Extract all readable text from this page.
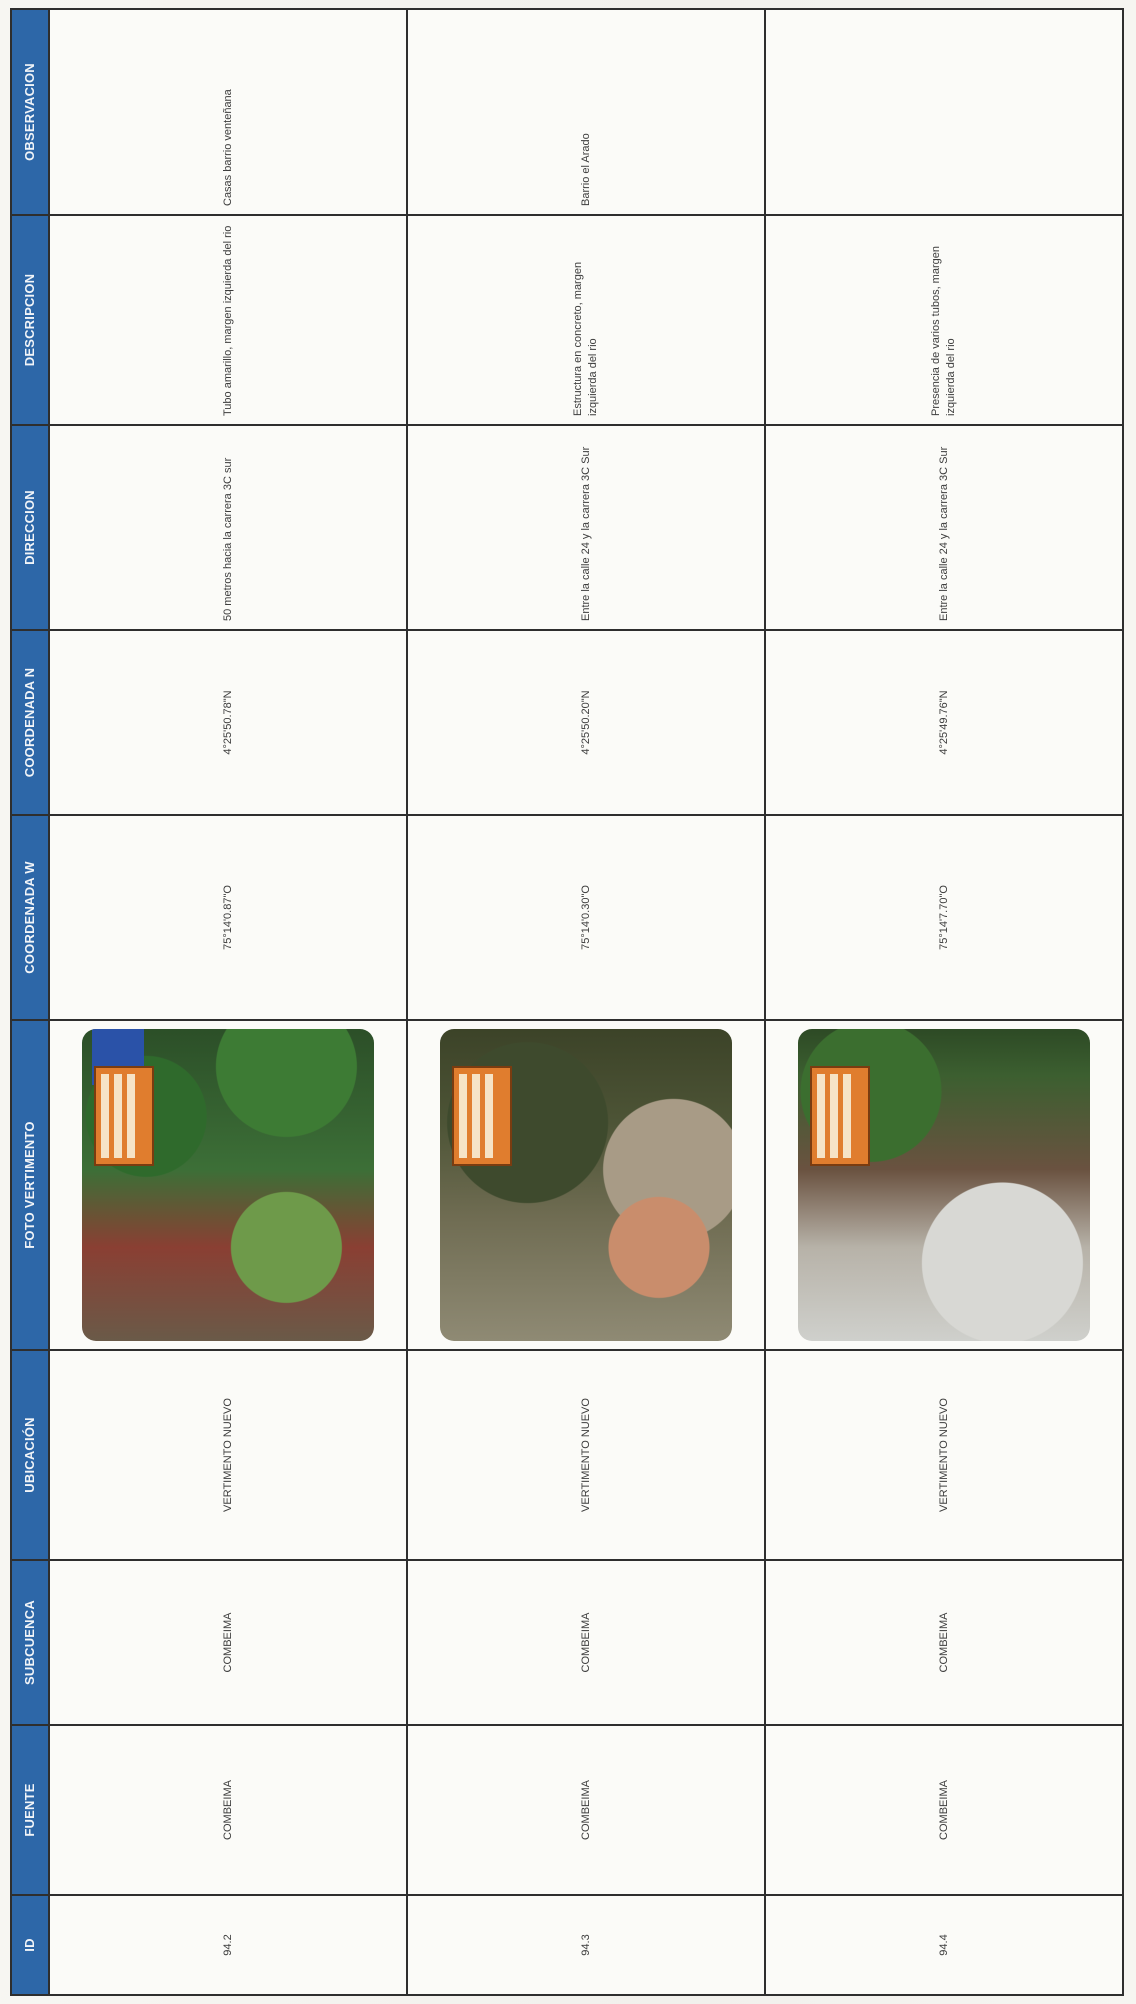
ID	FUENTE	SUBCUENCA	UBICACIÓN	FOTO VERTIMENTO	COORDENADA W	COORDENADA N	DIRECCION	DESCRIPCION	OBSERVACION
94.2	COMBEIMA	COMBEIMA	VERTIMENTO NUEVO		75°14'0.87"O	4°25'50.78"N	50 metros hacia la carrera 3C sur	Tubo amarillo, margen izquierda del rio	Casas barrio venteñana
94.3	COMBEIMA	COMBEIMA	VERTIMENTO NUEVO		75°14'0.30"O	4°25'50.20"N	Entre la calle 24 y la carrera 3C Sur	Estructura en concreto, margen izquierda del rio	Barrio el Arado
94.4	COMBEIMA	COMBEIMA	VERTIMENTO NUEVO		75°14'7.70"O	4°25'49.76"N	Entre la calle 24 y la carrera 3C Sur	Presencia de varios tubos, margen izquierda del rio	
